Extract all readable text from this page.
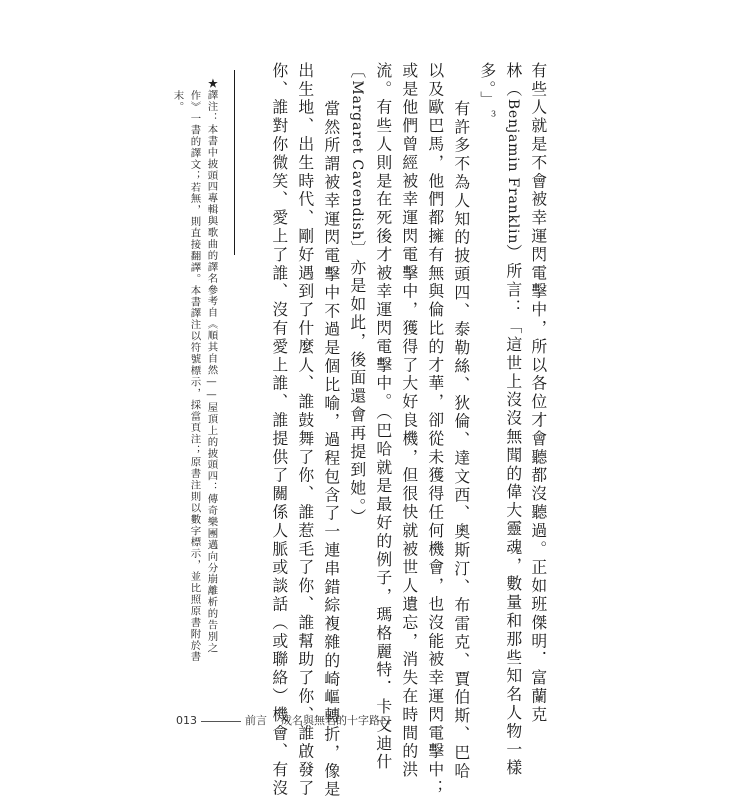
有些人就是不會被幸運閃電擊中，所以各位才會聽都沒聽過。正如班傑明．富蘭克
林（Benjamin Franklin）所言：「這世上沒沒無聞的偉大靈魂，數量和那些知名人物一樣
多。」$^3$
有許多不為人知的披頭四、泰勒絲、狄倫、達文西、奧斯汀、布雷克、賈伯斯、巴哈
以及歐巴馬，他們都擁有無與倫比的才華，卻從未獲得任何機會，也沒能被幸運閃電擊中；
或是他們曾經被幸運閃電擊中，獲得了大好良機，但很快就被世人遺忘，消失在時間的洪
流。有些人則是在死後才被幸運閃電擊中。（巴哈就是最好的例子，瑪格麗特．卡文迪什
〔Margaret Cavendish〕亦是如此，後面還會再提到她。）
當然所謂被幸運閃電擊中不過是個比喻，過程包含了一連串錯綜複雜的崎嶇轉折，像是
出生地、出生時代、剛好遇到了什麼人、誰鼓舞了你、誰惹毛了你、誰幫助了你、誰啟發了
你、誰對你微笑、愛上了誰、沒有愛上誰、誰提供了關係人脈或談話（或聯絡）機會、有沒
★譯注：本書中披頭四專輯與歌曲的譯名參考自《順其自然——屋頂上的披頭四：傳奇樂團邁向分崩離析的告別之
作》一書的譯文；若無，則直接翻譯。本書譯注以符號標示，採當頁注；原書注則以數字標示，並比照原書附於書
末。
013	前言 成名與無名的十字路口
